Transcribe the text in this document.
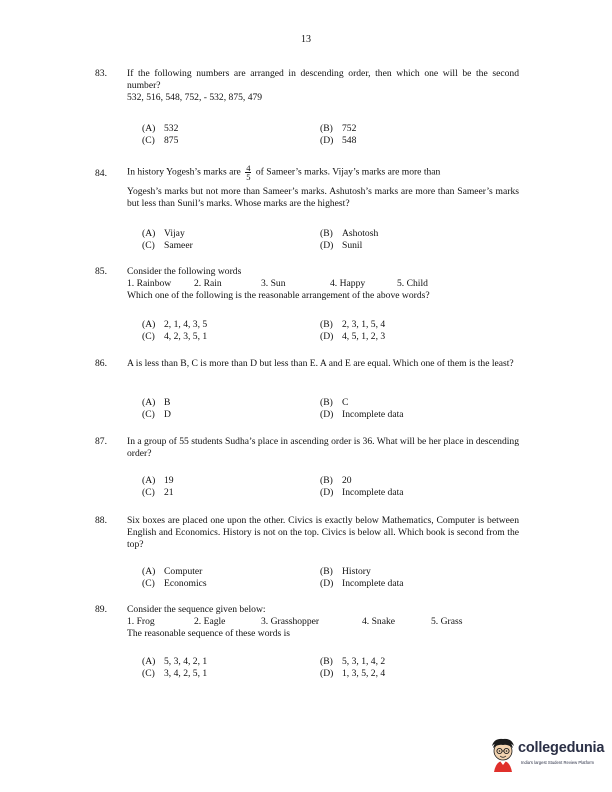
13
83.	If the following numbers are arranged in descending order, then which one will be the second number?

532, 516, 548, 752, - 532, 875, 479

(A) 532	(B) 752
(C) 875	(D) 548
84.	In history Yogesh’s marks are $\frac{4}{5}$ of Sameer’s marks. Vijay’s marks are more than

Yogesh’s marks but not more than Sameer’s marks. Ashutosh’s marks are more than Sameer’s marks but less than Sunil’s marks. Whose marks are the highest?

(A) Vijay	(B) Ashotosh
(C) Sameer	(D) Sunil
85.	Consider the following words

1. Rainbow 2. Rain	3. Sun	4. Happy	5. Child

Which one of the following is the reasonable arrangement of the above words?

(A) 2, 1, 4, 3, 5	(B) 2, 3, 1, 5, 4
(C) 4, 2, 3, 5, 1	(D) 4, 5, 1, 2, 3
86.	A is less than B, C is more than D but less than E. A and E are equal. Which one of them is the least?

(A) B	(B) C
(C) D	(D) Incomplete data
87.	In a group of 55 students Sudha’s place in ascending order is 36. What will be her place in descending order?

(A) 19	(B) 20
(C) 21	(D) Incomplete data
88.	Six boxes are placed one upon the other. Civics is exactly below Mathematics, Computer is between English and Economics. History is not on the top. Civics is below all. Which book is second from the top?

(A) Computer	(B) History
(C) Economics	(D) Incomplete data
89.	Consider the sequence given below:

1. Frog	2. Eagle	3. Grasshopper	4. Snake	5. Grass

The reasonable sequence of these words is

(A) 5, 3, 4, 2, 1	(B) 5, 3, 1, 4, 2
(C) 3, 4, 2, 5, 1	(D) 1, 3, 5, 2, 4
collegedunia
India's largest Student Review Platform
